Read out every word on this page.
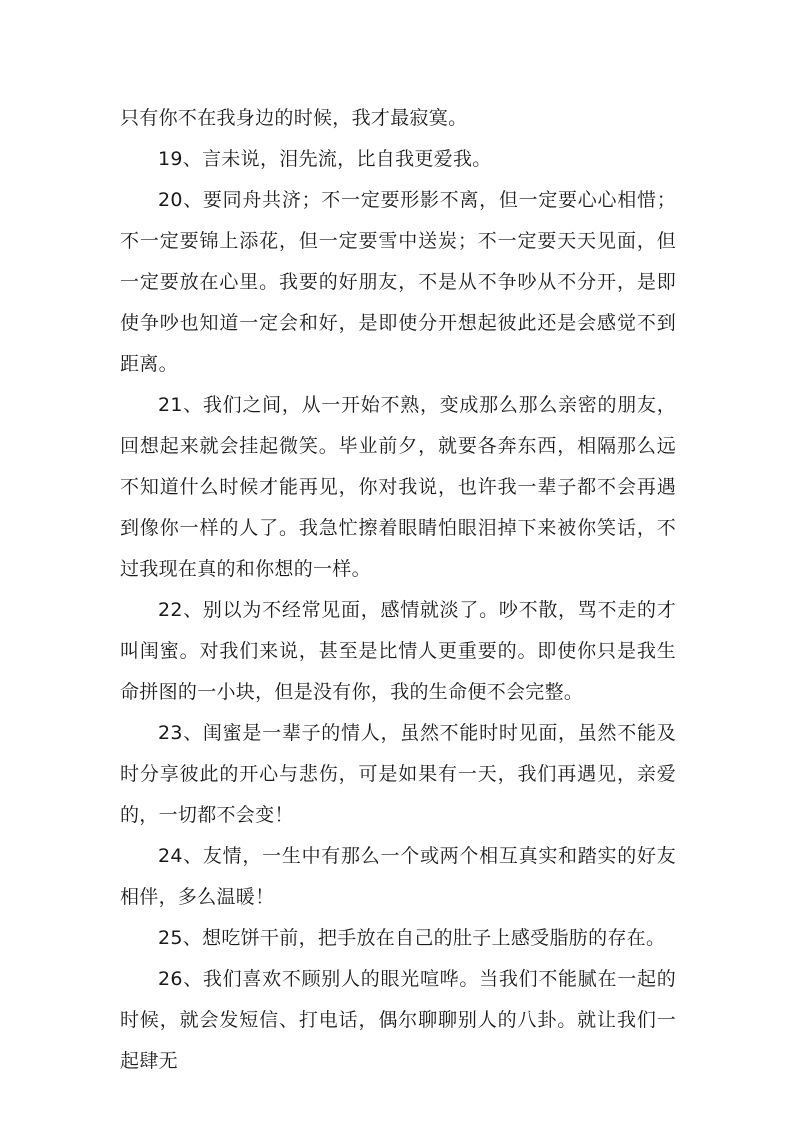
只有你不在我身边的时候，我才最寂寞。

19、言未说，泪先流，比自我更爱我。

20、要同舟共济；不一定要形影不离，但一定要心心相惜；不一定要锦上添花，但一定要雪中送炭；不一定要天天见面，但一定要放在心里。我要的好朋友，不是从不争吵从不分开，是即使争吵也知道一定会和好，是即使分开想起彼此还是会感觉不到距离。

21、我们之间，从一开始不熟，变成那么那么亲密的朋友，回想起来就会挂起微笑。毕业前夕，就要各奔东西，相隔那么远不知道什么时候才能再见，你对我说，也许我一辈子都不会再遇到像你一样的人了。我急忙擦着眼睛怕眼泪掉下来被你笑话，不过我现在真的和你想的一样。

22、别以为不经常见面，感情就淡了。吵不散，骂不走的才叫闺蜜。对我们来说，甚至是比情人更重要的。即使你只是我生命拼图的一小块，但是没有你，我的生命便不会完整。

23、闺蜜是一辈子的情人，虽然不能时时见面，虽然不能及时分享彼此的开心与悲伤，可是如果有一天，我们再遇见，亲爱的，一切都不会变！

24、友情，一生中有那么一个或两个相互真实和踏实的好友相伴，多么温暖！

25、想吃饼干前，把手放在自己的肚子上感受脂肪的存在。

26、我们喜欢不顾别人的眼光喧哗。当我们不能腻在一起的时候，就会发短信、打电话，偶尔聊聊别人的八卦。就让我们一起肆无
